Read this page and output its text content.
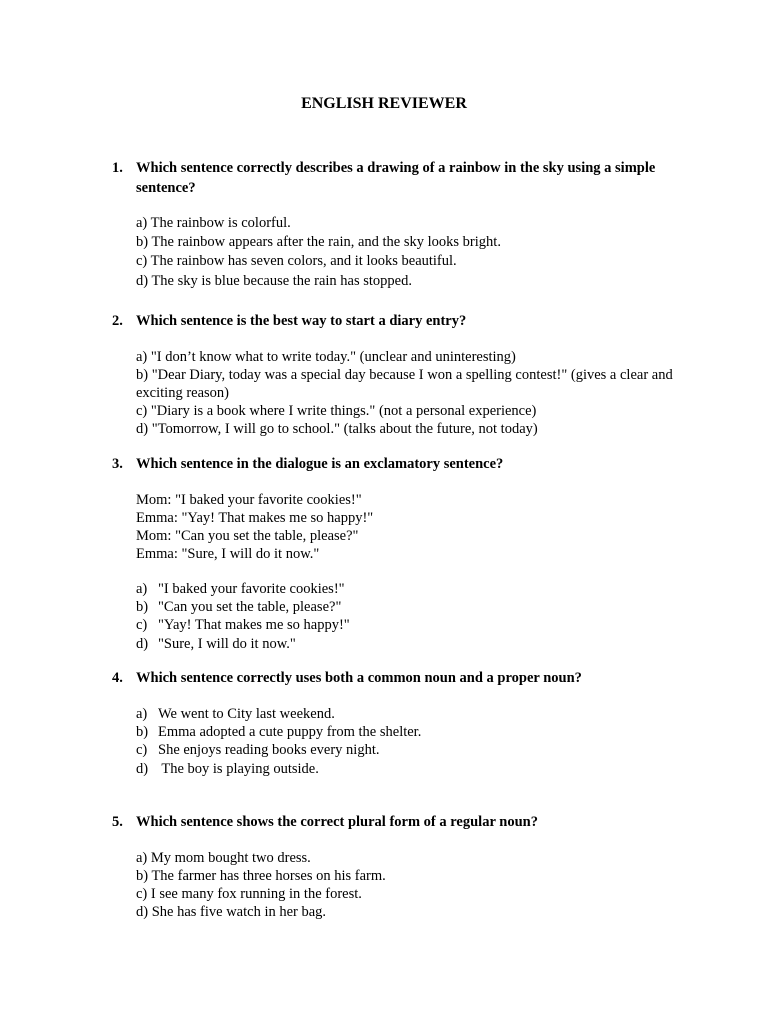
ENGLISH REVIEWER
1. Which sentence correctly describes a drawing of a rainbow in the sky using a simple sentence?
a) The rainbow is colorful.
b) The rainbow appears after the rain, and the sky looks bright.
c) The rainbow has seven colors, and it looks beautiful.
d) The sky is blue because the rain has stopped.
2. Which sentence is the best way to start a diary entry?
a) "I don’t know what to write today." (unclear and uninteresting)
b) "Dear Diary, today was a special day because I won a spelling contest!" (gives a clear and exciting reason)
c) "Diary is a book where I write things." (not a personal experience)
d) "Tomorrow, I will go to school." (talks about the future, not today)
3. Which sentence in the dialogue is an exclamatory sentence?
Mom: "I baked your favorite cookies!"
Emma: "Yay! That makes me so happy!"
Mom: "Can you set the table, please?"
Emma: "Sure, I will do it now."
a) "I baked your favorite cookies!"
b) "Can you set the table, please?"
c) "Yay! That makes me so happy!"
d) "Sure, I will do it now."
4. Which sentence correctly uses both a common noun and a proper noun?
a) We went to City last weekend.
b) Emma adopted a cute puppy from the shelter.
c) She enjoys reading books every night.
d) The boy is playing outside.
5. Which sentence shows the correct plural form of a regular noun?
a) My mom bought two dress.
b) The farmer has three horses on his farm.
c) I see many fox running in the forest.
d) She has five watch in her bag.
